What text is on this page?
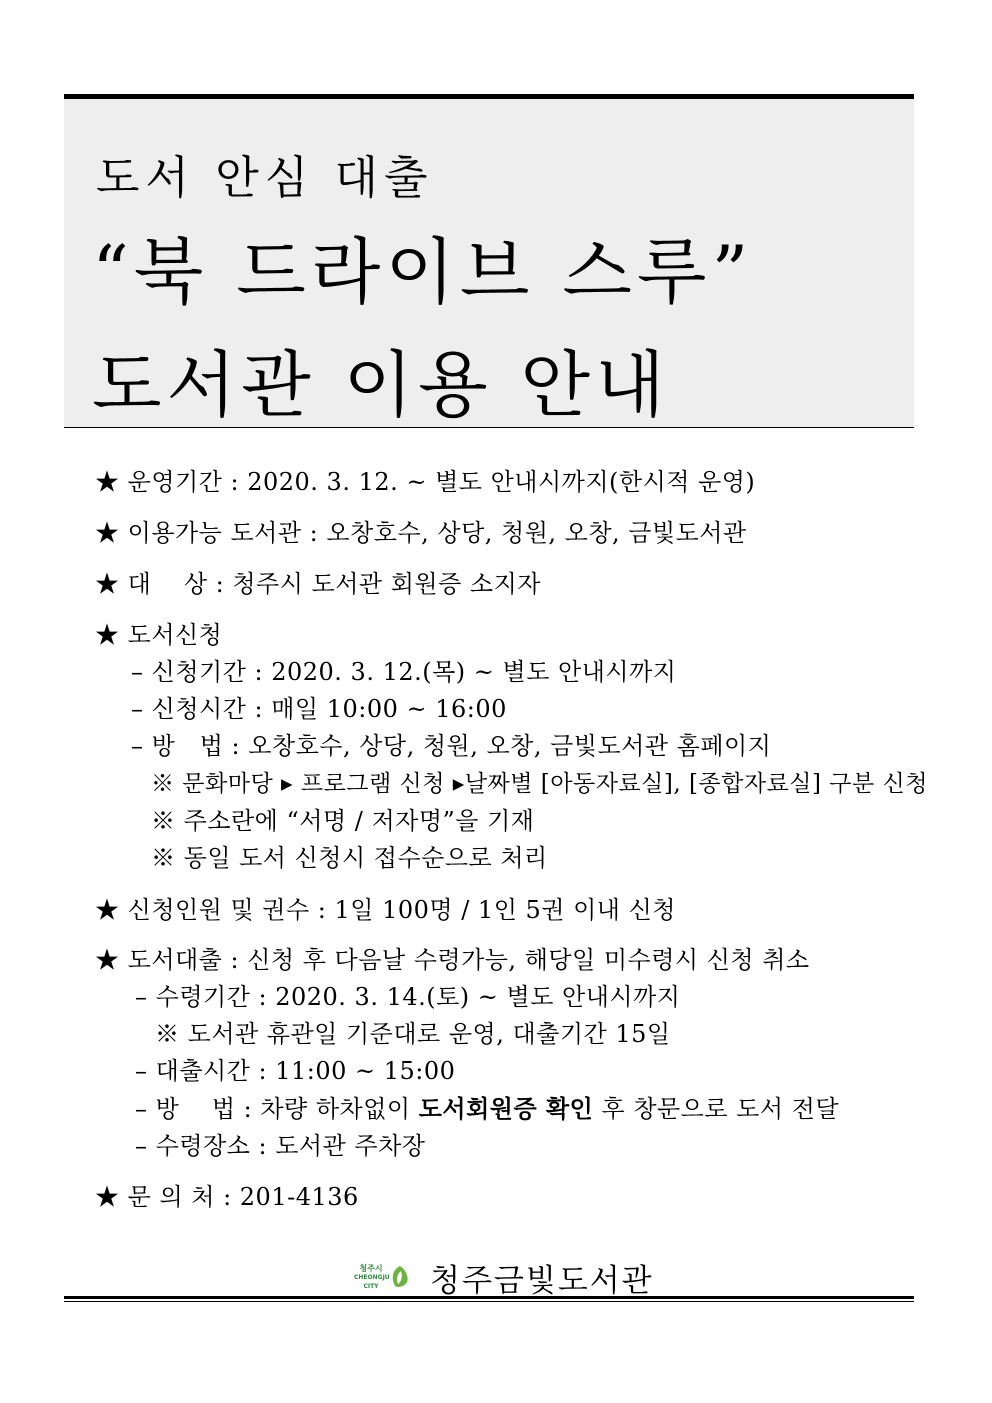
도서 안심 대출
“북 드라이브 스루”
도서관 이용 안내
★ 운영기간 : 2020. 3. 12. ~ 별도 안내시까지(한시적 운영)
★ 이용가능 도서관 : 오창호수, 상당, 청원, 오창, 금빛도서관
★ 대    상 : 청주시 도서관 회원증 소지자
★ 도서신청
– 신청기간 : 2020. 3. 12.(목) ~ 별도 안내시까지
– 신청시간 : 매일 10:00 ~ 16:00
– 방   법 : 오창호수, 상당, 청원, 오창, 금빛도서관 홈페이지
※ 문화마당 ▸ 프로그램 신청 ▸날짜별 [아동자료실], [종합자료실] 구분 신청
※ 주소란에 “서명 / 저자명”을 기재
※ 동일 도서 신청시 접수순으로 처리
★ 신청인원 및 권수 : 1일 100명 / 1인 5권 이내 신청
★ 도서대출 : 신청 후 다음날 수령가능, 해당일 미수령시 신청 취소
– 수령기간 : 2020. 3. 14.(토) ~ 별도 안내시까지
※ 도서관 휴관일 기준대로 운영, 대출기간 15일
– 대출시간 : 11:00 ~ 15:00
– 방    법 : 차량 하차없이 도서회원증 확인 후 창문으로 도서 전달
– 수령장소 : 도서관 주차장
★ 문 의 처 : 201-4136
청주시
CHEONGJU
CITY	청주금빛도서관
